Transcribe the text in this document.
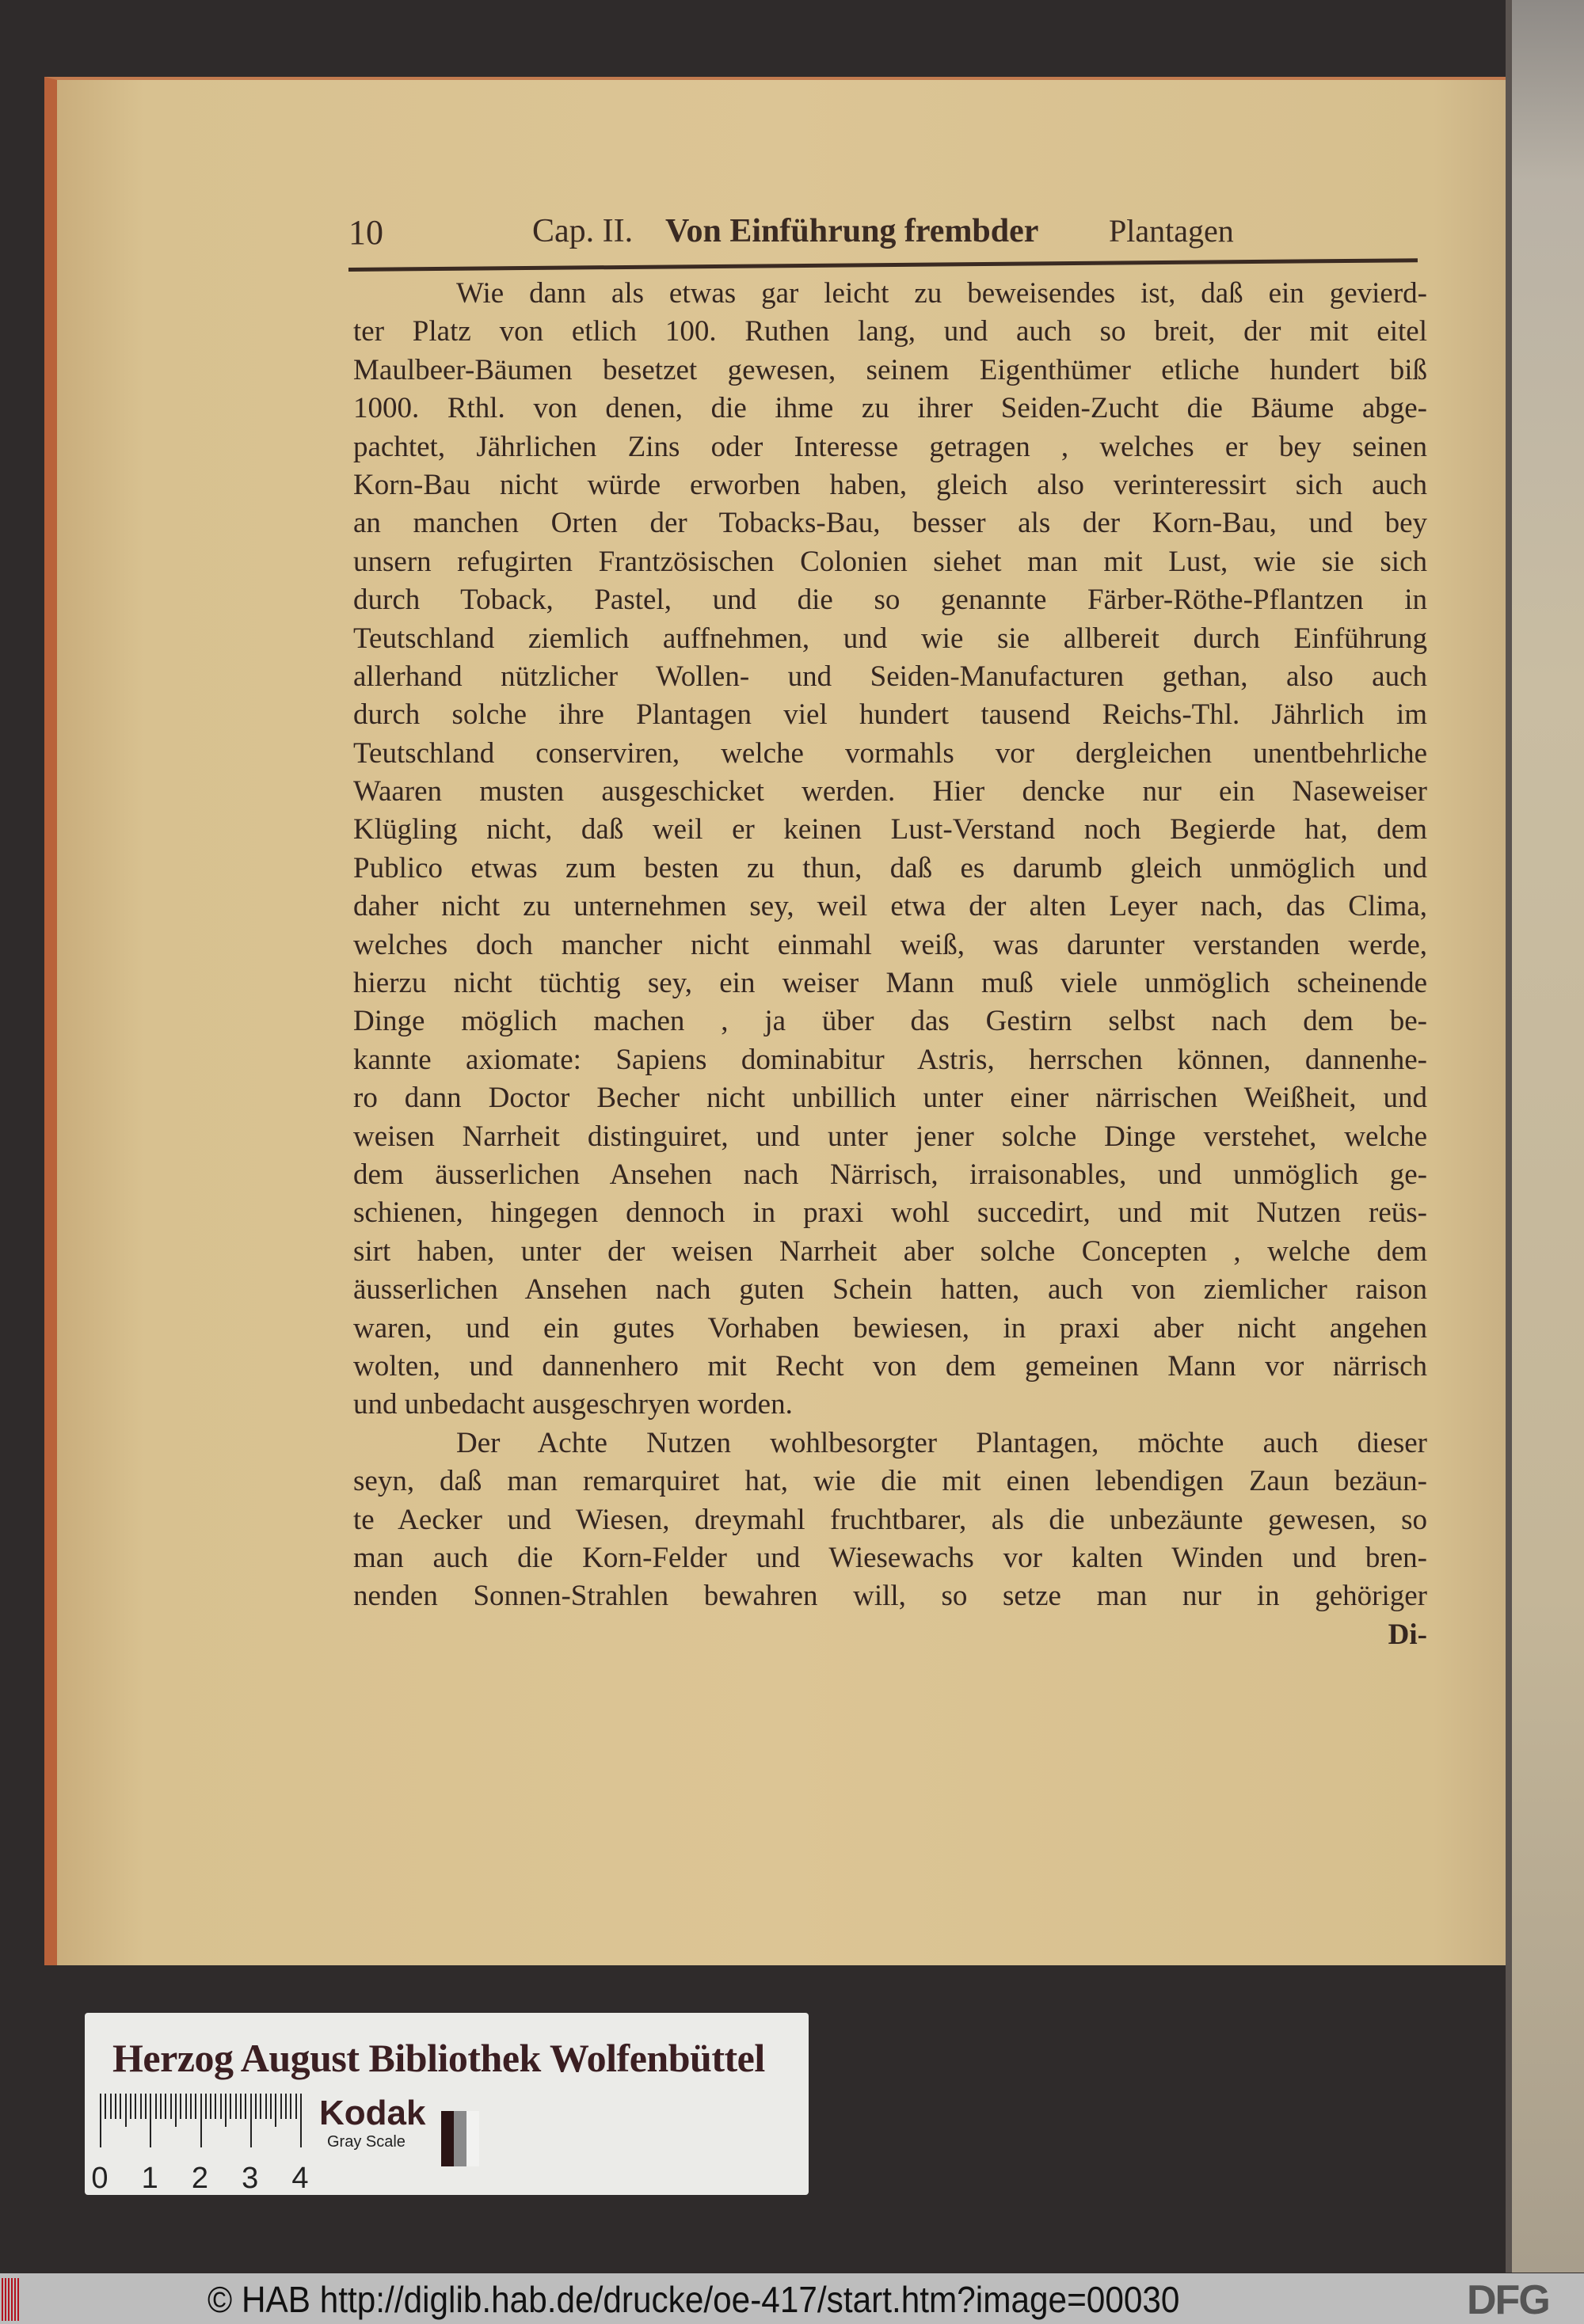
10	Cap. II. Von Einführung frembder Plantagen
Wie dann als etwas gar leicht zu beweisendes ist, daß ein gevierd-
ter Platz von etlich 100. Ruthen lang, und auch so breit, der mit eitel
Maulbeer-Bäumen besetzet gewesen, seinem Eigenthümer etliche hundert biß
1000. Rthl. von denen, die ihme zu ihrer Seiden-Zucht die Bäume abge-
pachtet, Jährlichen Zins oder Interesse getragen , welches er bey seinen
Korn-Bau nicht würde erworben haben, gleich also verinteressirt sich auch
an manchen Orten der Tobacks-Bau, besser als der Korn-Bau, und bey
unsern refugirten Frantzösischen Colonien siehet man mit Lust, wie sie sich
durch Toback, Pastel, und die so genannte Färber-Röthe-Pflantzen in
Teutschland ziemlich auffnehmen, und wie sie allbereit durch Einführung
allerhand nützlicher Wollen- und Seiden-Manufacturen gethan, also auch
durch solche ihre Plantagen viel hundert tausend Reichs-Thl. Jährlich im
Teutschland conserviren, welche vormahls vor dergleichen unentbehrliche
Waaren musten ausgeschicket werden. Hier dencke nur ein Naseweiser
Klügling nicht, daß weil er keinen Lust-Verstand noch Begierde hat, dem
Publico etwas zum besten zu thun, daß es darumb gleich unmöglich und
daher nicht zu unternehmen sey, weil etwa der alten Leyer nach, das Clima,
welches doch mancher nicht einmahl weiß, was darunter verstanden werde,
hierzu nicht tüchtig sey, ein weiser Mann muß viele unmöglich scheinende
Dinge möglich machen , ja über das Gestirn selbst nach dem be-
kannte axiomate: Sapiens dominabitur Astris, herrschen können, dannenhe-
ro dann Doctor Becher nicht unbillich unter einer närrischen Weißheit, und
weisen Narrheit distinguiret, und unter jener solche Dinge verstehet, welche
dem äusserlichen Ansehen nach Närrisch, irraisonables, und unmöglich ge-
schienen, hingegen dennoch in praxi wohl succedirt, und mit Nutzen reüs-
sirt haben, unter der weisen Narrheit aber solche Concepten , welche dem
äusserlichen Ansehen nach guten Schein hatten, auch von ziemlicher raison
waren, und ein gutes Vorhaben bewiesen, in praxi aber nicht angehen
wolten, und dannenhero mit Recht von dem gemeinen Mann vor närrisch
und unbedacht ausgeschryen worden.
Der Achte Nutzen wohlbesorgter Plantagen, möchte auch dieser
seyn, daß man remarquiret hat, wie die mit einen lebendigen Zaun bezäun-
te Aecker und Wiesen, dreymahl fruchtbarer, als die unbezäunte gewesen, so
man auch die Korn-Felder und Wiesewachs vor kalten Winden und bren-
nenden Sonnen-Strahlen bewahren will, so setze man nur in gehöriger
Di-
Herzog August Bibliothek Wolfenbüttel
0 1 2 3 4
Kodak
Gray Scale
© HAB http://diglib.hab.de/drucke/oe-417/start.htm?image=00030	DFG
